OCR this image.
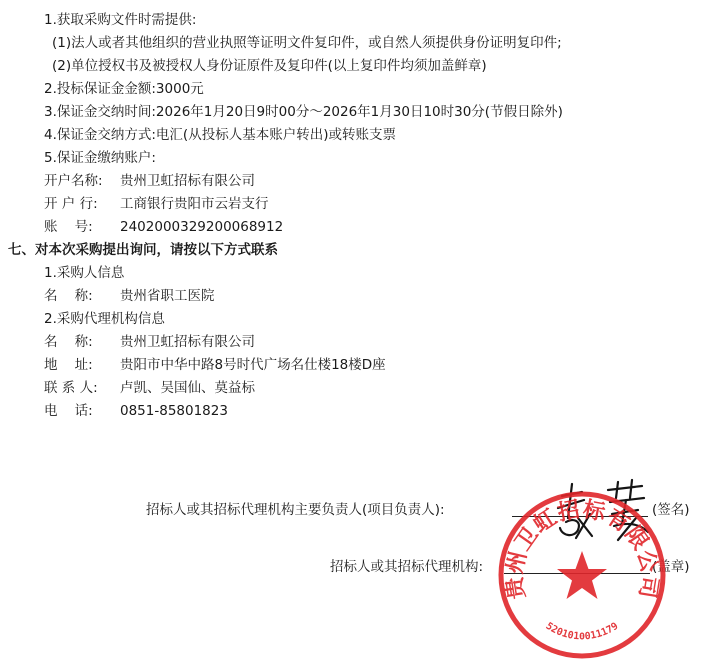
1.获取采购文件时需提供:
(1)法人或者其他组织的营业执照等证明文件复印件，或自然人须提供身份证明复印件;
(2)单位授权书及被授权人身份证原件及复印件(以上复印件均须加盖鲜章)
2.投标保证金金额:3000元
3.保证金交纳时间:2026年1月20日9时00分～2026年1月30日10时30分(节假日除外)
4.保证金交纳方式:电汇(从投标人基本账户转出)或转账支票
5.保证金缴纳账户:
开户名称:	贵州卫虹招标有限公司
开 户 行:	工商银行贵阳市云岩支行
账    号:	2402000329200068912
七、对本次采购提出询问，请按以下方式联系
1.采购人信息
名    称:	贵州省职工医院
2.采购代理机构信息
名    称:	贵州卫虹招标有限公司
地    址:	贵阳市中华中路8号时代广场名仕楼18楼D座
联 系 人:	卢凯、吴国仙、莫益标
电    话:	0851-85801823
招标人或其招标代理机构主要负责人(项目负责人):	(签名)
招标人或其招标代理机构:	(盖章)
贵州卫虹招标有限公司
5201010011179
